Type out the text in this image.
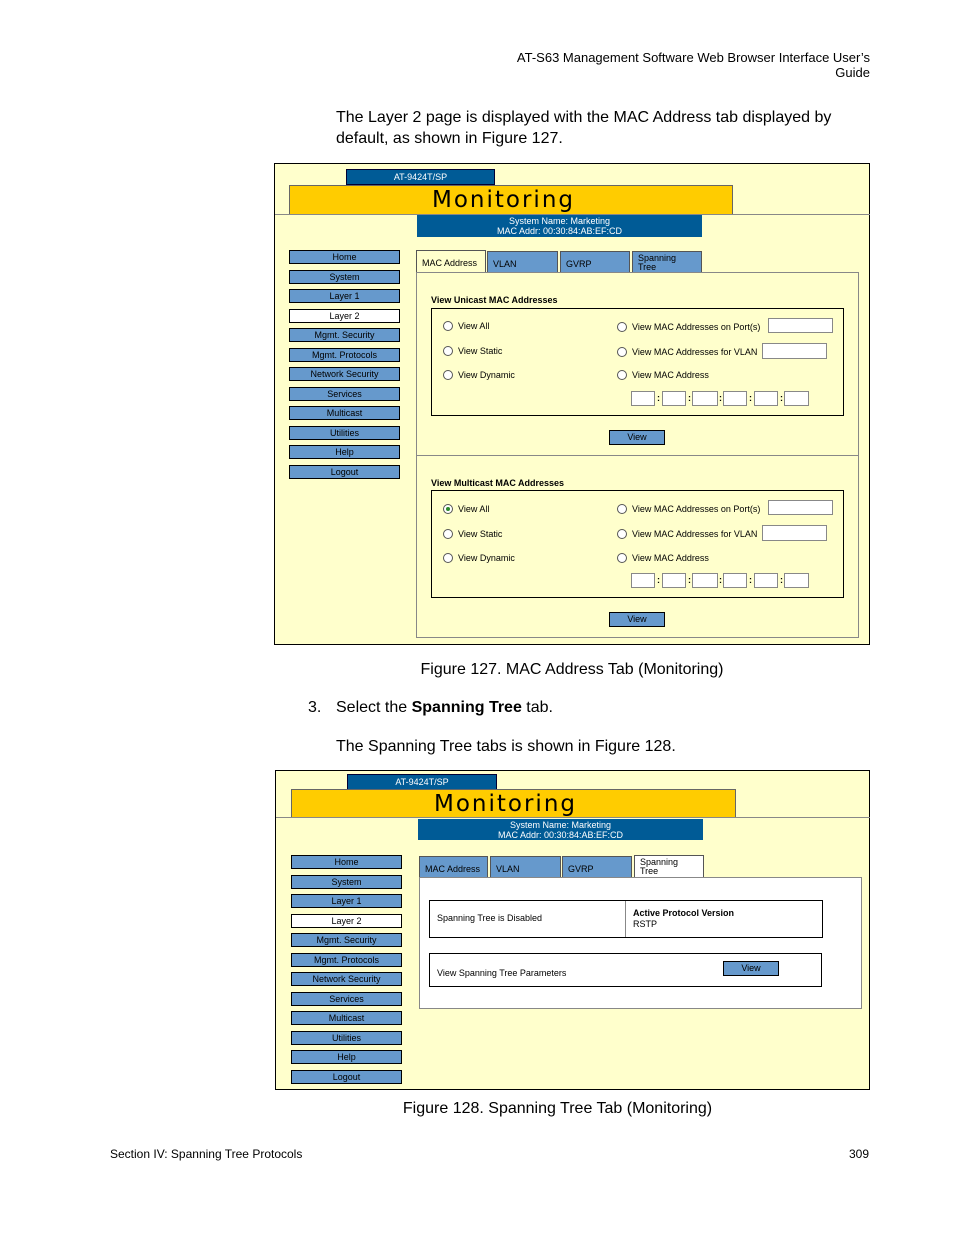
AT-S63 Management Software Web Browser Interface User’s Guide
The Layer 2 page is displayed with the MAC Address tab displayed by default, as shown in Figure 127.
AT-9424T/SP
Monitoring
System Name: Marketing
MAC Addr: 00:30:84:AB:EF:CD
Home
System
Layer 1
Layer 2
Mgmt. Security
Mgmt. Protocols
Network Security
Services
Multicast
Utilities
Help
Logout
MAC Address	VLAN	GVRP
Spanning
Tree
View Unicast MAC Addresses
View All
View Static
View Dynamic
View MAC Addresses on Port(s)
View MAC Addresses for VLAN
View MAC Address
:	:	:	:	:
View
View Multicast MAC Addresses
View All
View Static
View Dynamic
View MAC Addresses on Port(s)
View MAC Addresses for VLAN
View MAC Address
:	:	:	:	:
View
Figure 127. MAC Address Tab (Monitoring)
3. Select the Spanning Tree tab.
The Spanning Tree tabs is shown in Figure 128.
AT-9424T/SP
Monitoring
System Name: Marketing
MAC Addr: 00:30:84:AB:EF:CD
Home
System
Layer 1
Layer 2
Mgmt. Security
Mgmt. Protocols
Network Security
Services
Multicast
Utilities
Help
Logout
MAC Address	VLAN	GVRP
Spanning
Tree
Spanning Tree is Disabled	Active Protocol Version
RSTP
View Spanning Tree Parameters	View
Figure 128. Spanning Tree Tab (Monitoring)
Section IV: Spanning Tree Protocols	309
